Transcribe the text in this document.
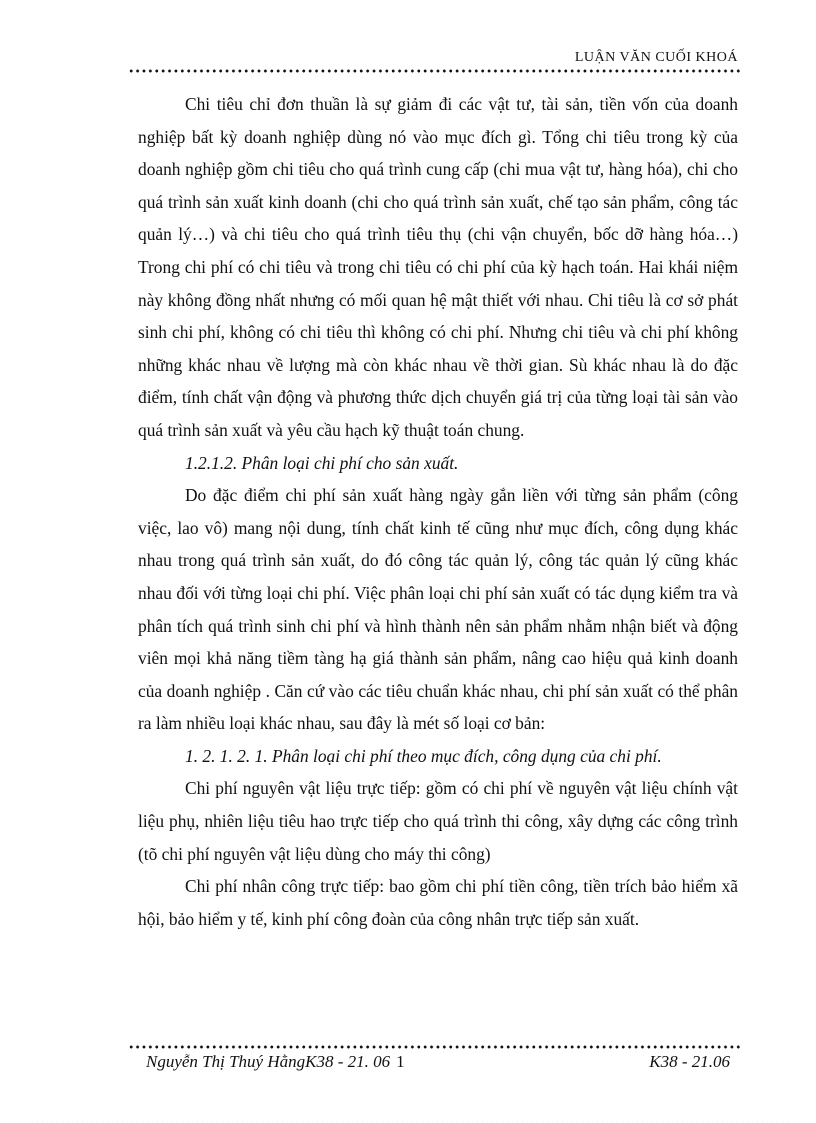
LUẬN VĂN CUỐI KHOÁ

Chi tiêu chỉ đơn thuần là sự giảm đi các vật tư, tài sản, tiền vốn của doanh nghiệp bất kỳ doanh nghiệp dùng nó vào mục đích gì. Tổng chi tiêu trong kỳ của doanh nghiệp gồm chi tiêu cho quá trình cung cấp (chi mua vật tư, hàng hóa), chi cho quá trình sản xuất kinh doanh (chi cho quá trình sản xuất, chế tạo sản phẩm, công tác quản lý…) và chi tiêu cho quá trình tiêu thụ (chi vận chuyển, bốc dỡ hàng hóa…) Trong chi phí có chi tiêu và trong chi tiêu có chi phí của kỳ hạch toán. Hai khái niệm này không đồng nhất nhưng có mối quan hệ mật thiết với nhau. Chi tiêu là cơ sở phát sinh chi phí, không có chi tiêu thì không có chi phí. Nhưng chi tiêu và chi phí không những khác nhau về lượng mà còn khác nhau về thời gian. Sù khác nhau là do đặc điểm, tính chất vận động và phương thức dịch chuyển giá trị của từng loại tài sản vào quá trình sản xuất và yêu cầu hạch kỹ thuật toán chung.

1.2.1.2. Phân loại chi phí cho sản xuất.

Do đặc điểm chi phí sản xuất hàng ngày gắn liền với từng sản phẩm (công việc, lao vô) mang nội dung, tính chất kinh tế cũng như mục đích, công dụng khác nhau trong quá trình sản xuất, do đó công tác quản lý, công tác quản lý cũng khác nhau đối với từng loại chi phí. Việc phân loại chi phí sản xuất có tác dụng kiểm tra và phân tích quá trình sinh chi phí và hình thành nên sản phẩm nhằm nhận biết và động viên mọi khả năng tiềm tàng hạ giá thành sản phẩm, nâng cao hiệu quả kinh doanh của doanh nghiệp . Căn cứ vào các tiêu chuẩn khác nhau, chi phí sản xuất có thể phân ra làm nhiều loại khác nhau, sau đây là mét số loại cơ bản:

1. 2. 1. 2. 1. Phân loại chi phí theo mục đích, công dụng của chi phí.

Chi phí nguyên vật liệu trực tiếp: gồm có chi phí về nguyên vật liệu chính vật liệu phụ, nhiên liệu tiêu hao trực tiếp cho quá trình thi công, xây dựng các công trình (tõ chi phí nguyên vật liệu dùng cho máy thi công)

Chi phí nhân công trực tiếp: bao gồm chi phí tiền công, tiền trích bảo hiểm xã hội, bảo hiểm y tế, kinh phí công đoàn của công nhân trực tiếp sản xuất.

Nguyễn Thị Thuý HằngK38 - 21. 06 1	K38 - 21.06
